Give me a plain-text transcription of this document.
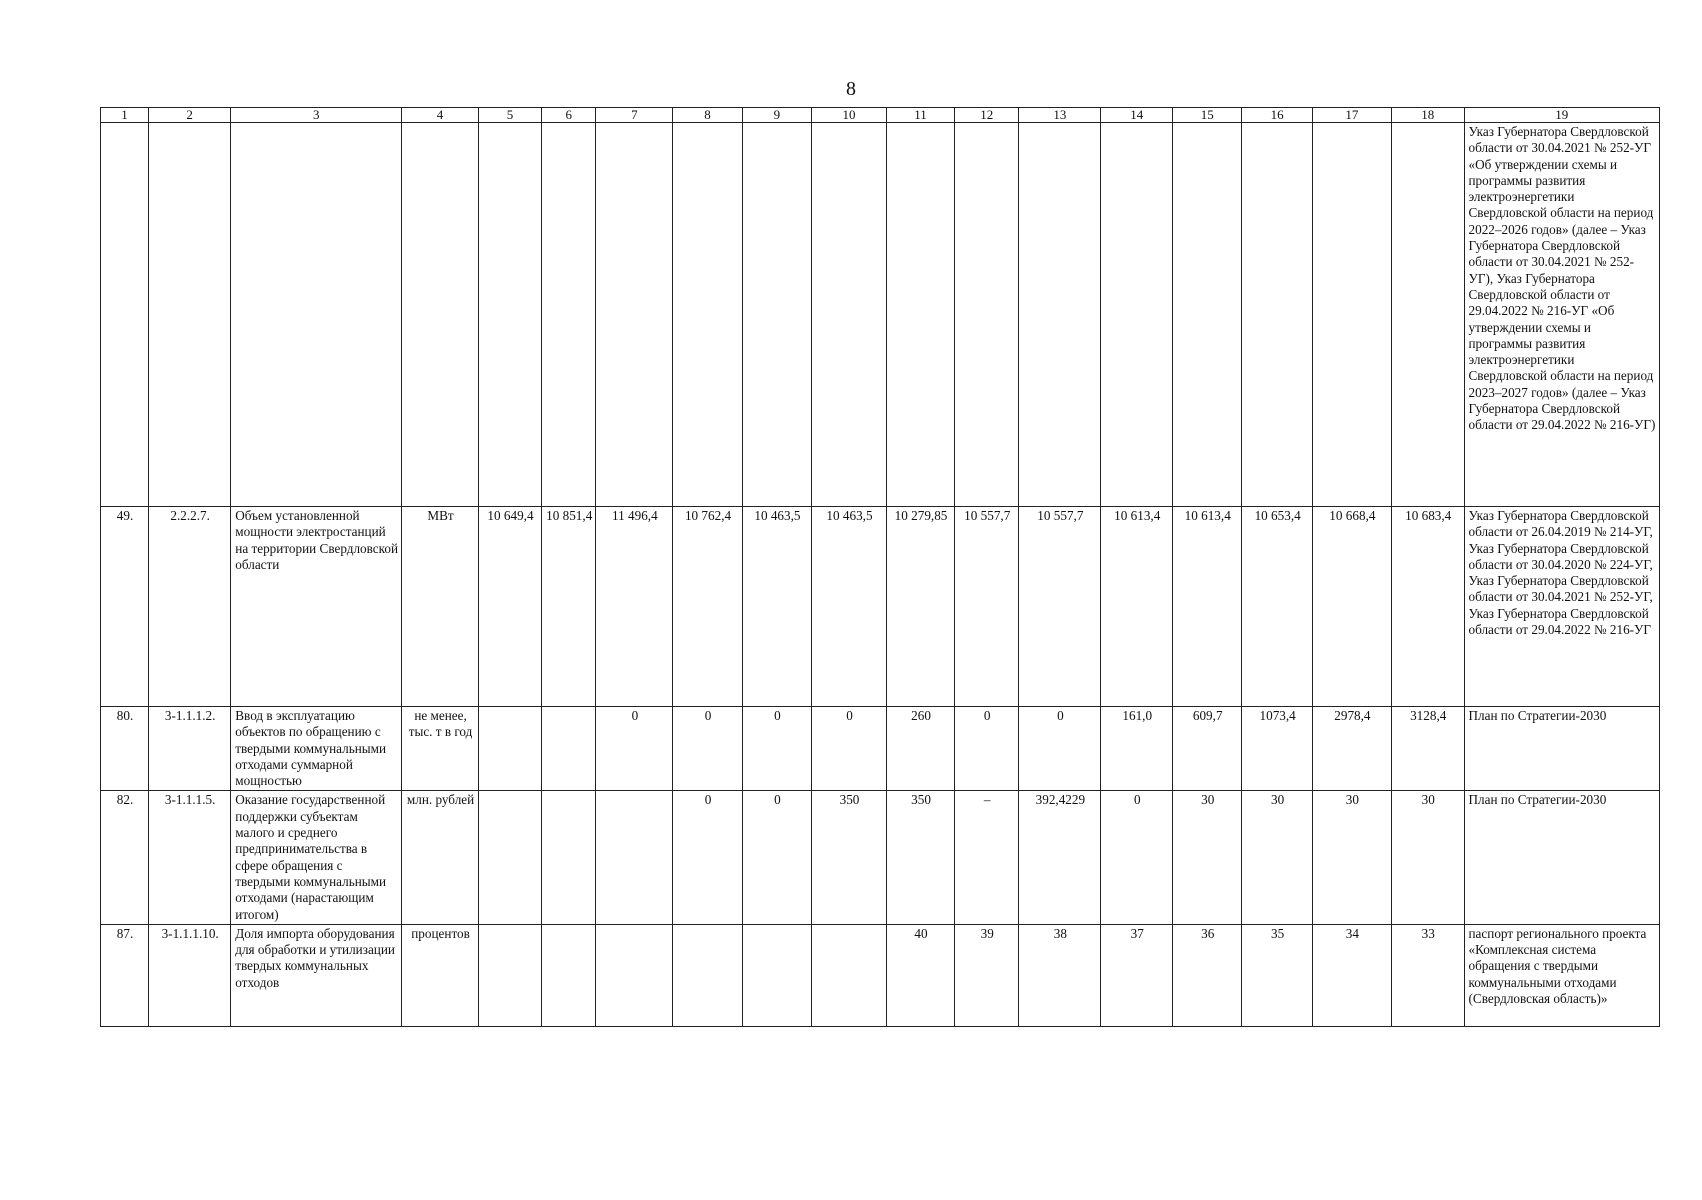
8
1	2	3	4	5	6	7	8	9	10	11	12	13	14	15	16	17	18	19
																		Указ Губернатора Свердловской области от 30.04.2021 № 252-УГ «Об утверждении схемы и программы развития электроэнергетики Свердловской области на период 2022–2026 годов» (далее – Указ Губернатора Свердловской области от 30.04.2021 № 252-УГ), Указ Губернатора Свердловской области от 29.04.2022 № 216-УГ «Об утверждении схемы и программы развития электроэнергетики Свердловской области на период 2023–2027 годов» (далее – Указ Губернатора Свердловской области от 29.04.2022 № 216-УГ)
49.	2.2.2.7.	Объем установленной мощности электростанций на территории Свердловской области	МВт	10 649,4	10 851,4	11 496,4	10 762,4	10 463,5	10 463,5	10 279,85	10 557,7	10 557,7	10 613,4	10 613,4	10 653,4	10 668,4	10 683,4	Указ Губернатора Свердловской области от 26.04.2019 № 214-УГ, Указ Губернатора Свердловской области от 30.04.2020 № 224-УГ, Указ Губернатора Свердловской области от 30.04.2021 № 252-УГ, Указ Губернатора Свердловской области от 29.04.2022 № 216-УГ
80.	3-1.1.1.2.	Ввод в эксплуатацию объектов по обращению с твердыми коммунальными отходами суммарной мощностью	не менее, тыс. т в год			0	0	0	0	260	0	0	161,0	609,7	1073,4	2978,4	3128,4	План по Стратегии-2030
82.	3-1.1.1.5.	Оказание государственной поддержки субъектам малого и среднего предпринимательства в сфере обращения с твердыми коммунальными отходами (нарастающим итогом)	млн. рублей				0	0	350	350	–	392,4229	0	30	30	30	30	План по Стратегии-2030
87.	3-1.1.1.10.	Доля импорта оборудования для обработки и утилизации твердых коммунальных отходов	процентов							40	39	38	37	36	35	34	33	паспорт регионального проекта «Комплексная система обращения с твердыми коммунальными отходами (Свердловская область)»
